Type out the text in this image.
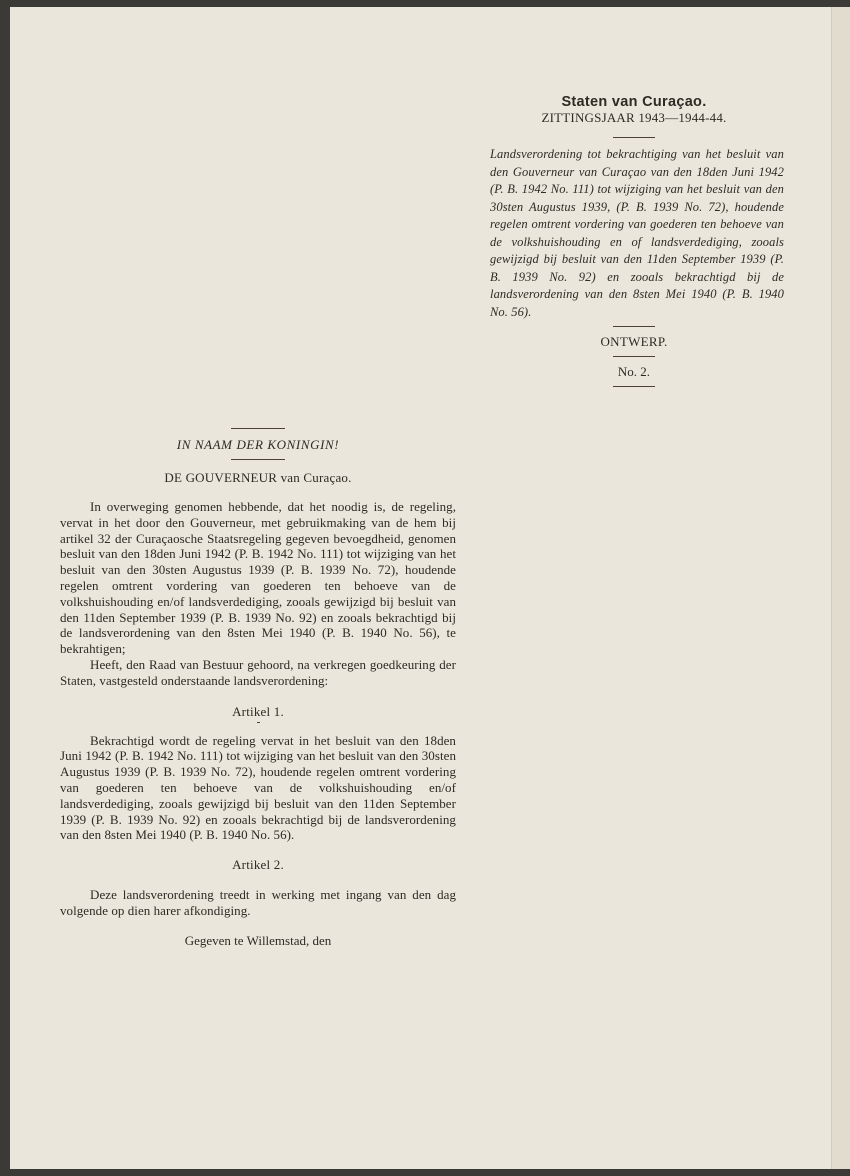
Staten van Curaçao.
ZITTINGSJAAR 1943—1944-44.
Landsverordening tot bekrachtiging van het besluit van den Gouverneur van Curaçao van den 18den Juni 1942 (P. B. 1942 No. 111) tot wijziging van het besluit van den 30sten Augustus 1939, (P. B. 1939 No. 72), houdende regelen omtrent vordering van goederen ten behoeve van de volkshuishouding en of landsverdediging, zooals gewijzigd bij besluit van den 11den September 1939 (P. B. 1939 No. 92) en zooals bekrachtigd bij de landsverordening van den 8sten Mei 1940 (P. B. 1940 No. 56).
ONTWERP.
No. 2.
IN NAAM DER KONINGIN!
DE GOUVERNEUR van Curaçao.

In overweging genomen hebbende, dat het noodig is, de regeling, vervat in het door den Gouverneur, met gebruikmaking van de hem bij artikel 32 der Curaçaosche Staatsregeling gegeven bevoegdheid, genomen besluit van den 18den Juni 1942 (P. B. 1942 No. 111) tot wijziging van het besluit van den 30sten Augustus 1939 (P. B. 1939 No. 72), houdende regelen omtrent vordering van goederen ten behoeve van de volkshuishouding en/of landsverdediging, zooals gewijzigd bij besluit van den 11den September 1939 (P. B. 1939 No. 92) en zooals bekrachtigd bij de landsverordening van den 8sten Mei 1940 (P. B. 1940 No. 56), te bekrahtigen;

Heeft, den Raad van Bestuur gehoord, na verkregen goedkeuring der Staten, vastgesteld onderstaande landsverordening:

Artikel 1.

Bekrachtigd wordt de regeling vervat in het besluit van den 18den Juni 1942 (P. B. 1942 No. 111) tot wijziging van het besluit van den 30sten Augustus 1939 (P. B. 1939 No. 72), houdende regelen omtrent vordering van goederen ten behoeve van de volkshuishouding en/of landsverdediging, zooals gewijzigd bij besluit van den 11den September 1939 (P. B. 1939 No. 92) en zooals bekrachtigd bij de landsverordening van den 8sten Mei 1940 (P. B. 1940 No. 56).

Artikel 2.

Deze landsverordening treedt in werking met ingang van den dag volgende op dien harer afkondiging.

Gegeven te Willemstad, den
